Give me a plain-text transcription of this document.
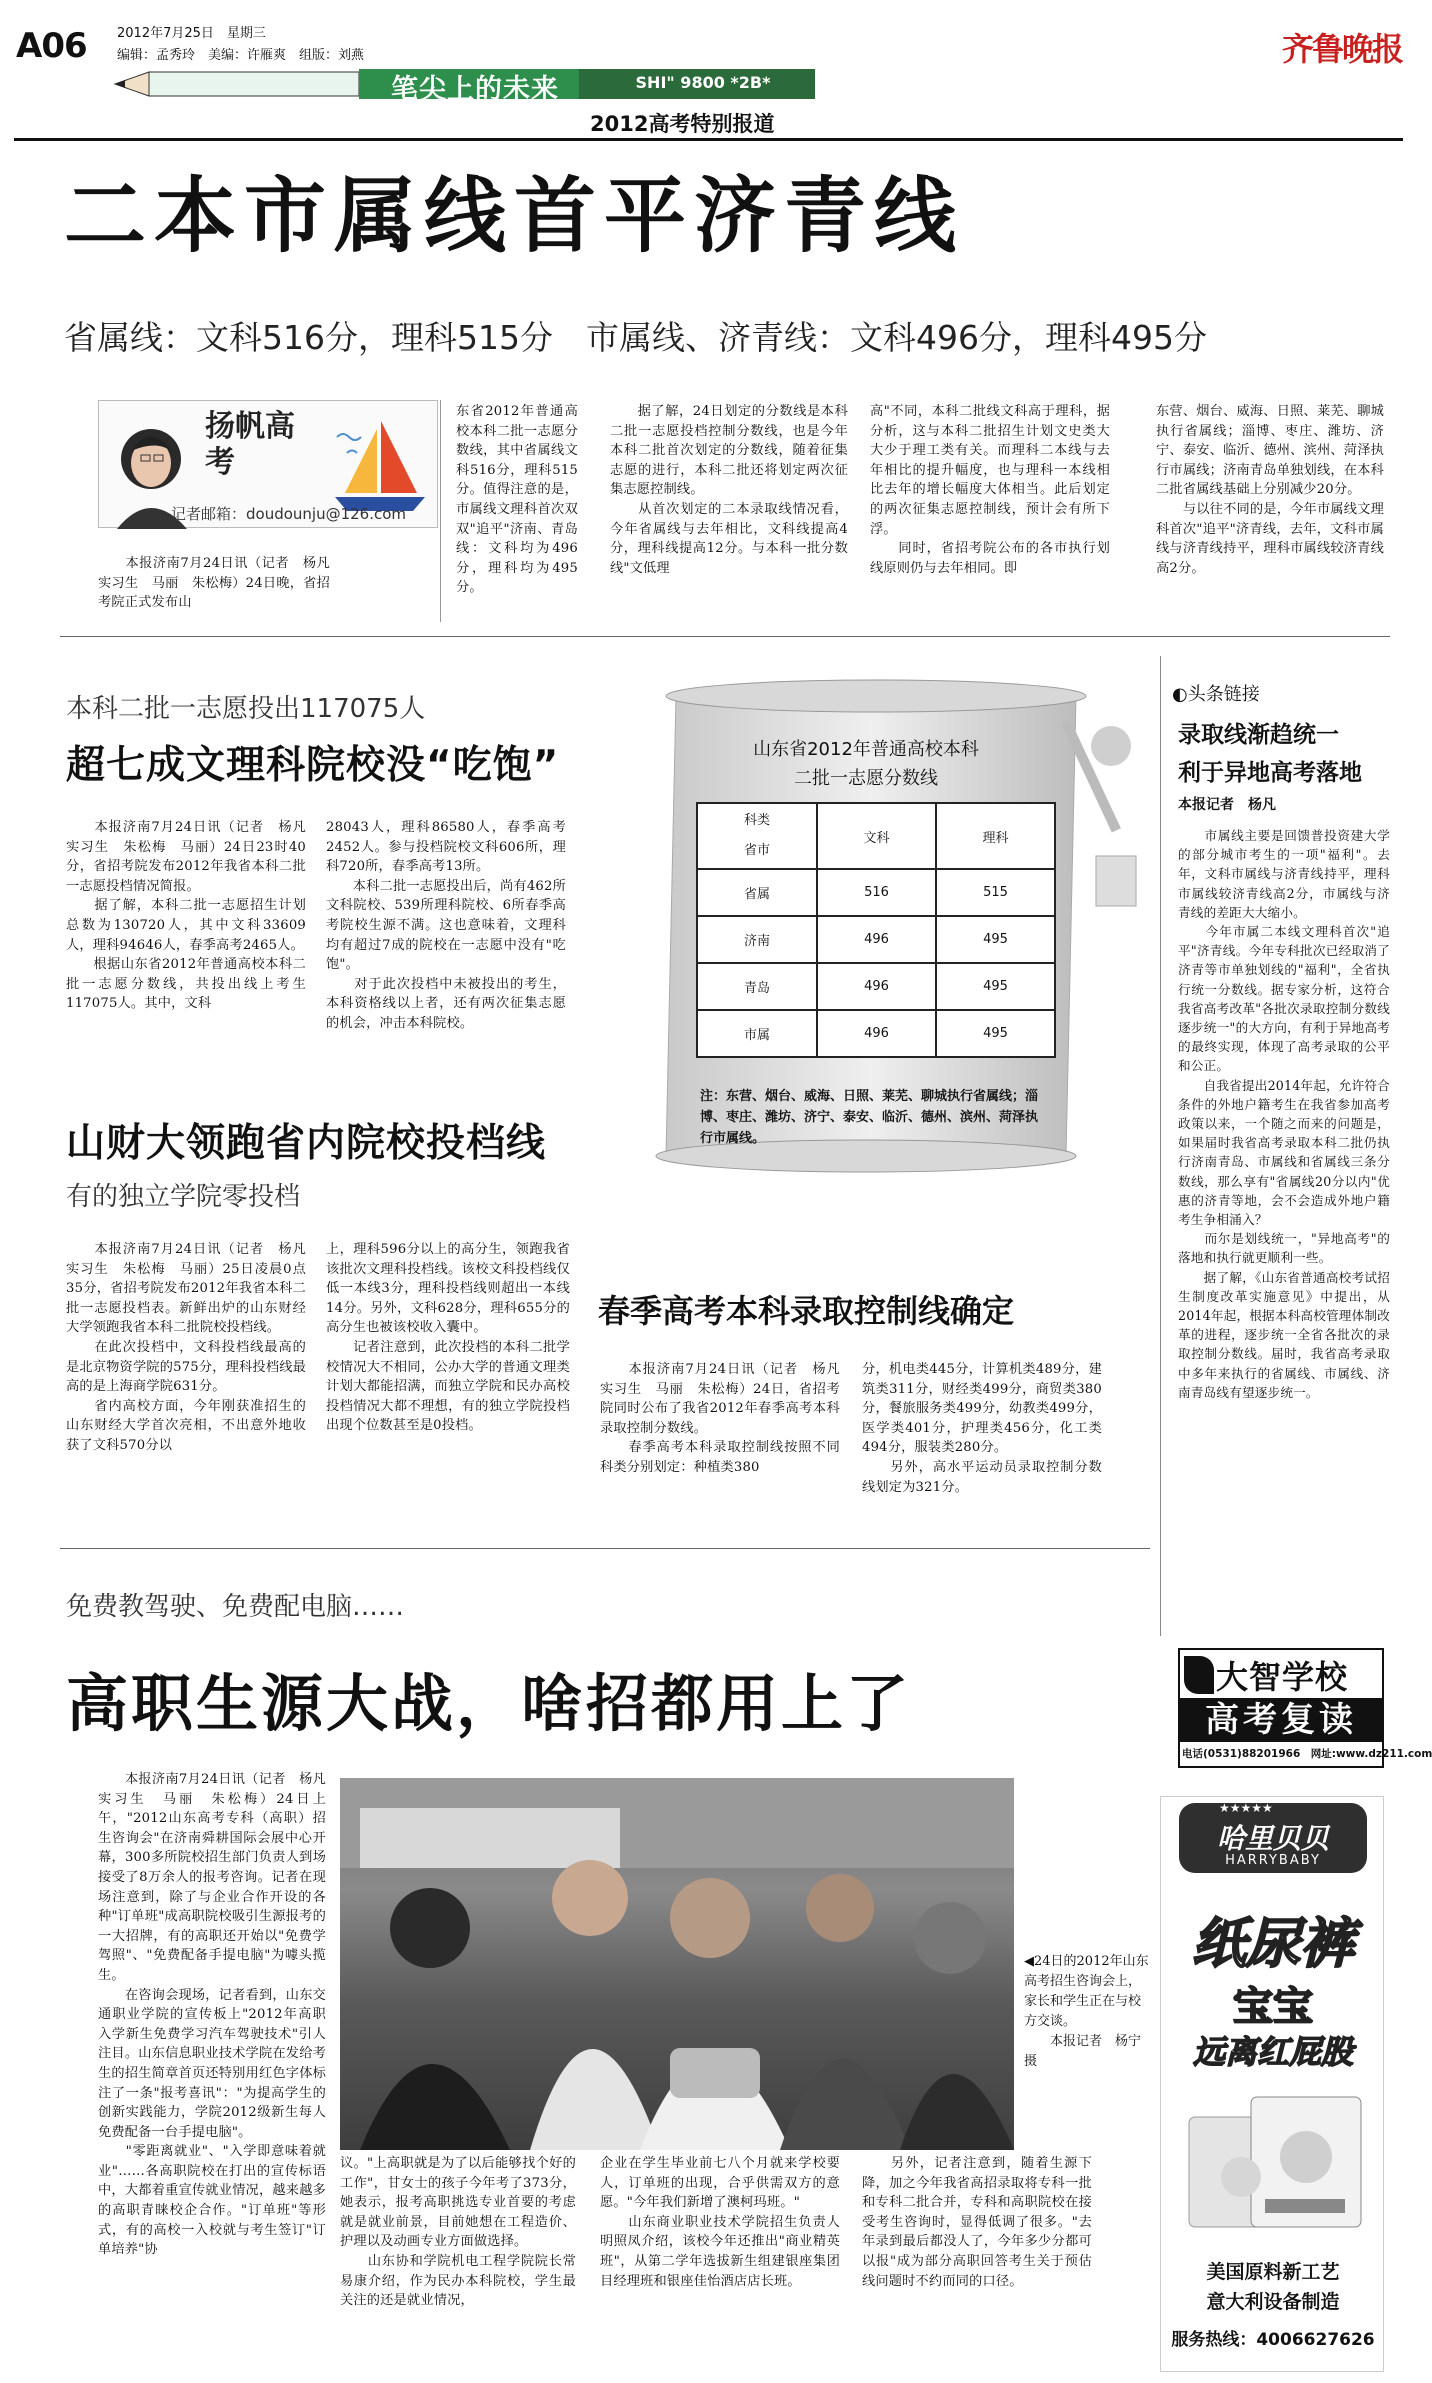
A06 2012年7月25日　星期三
编辑：孟秀玲　美编：许雁爽　组版：刘燕
笔尖上的未来	SHI" 9800 *2B*
2012高考特别报道
齐鲁晚报
二本市属线首平济青线
省属线：文科516分，理科515分　市属线、济青线：文科496分，理科495分
扬帆高考
记者邮箱：doudounju@126.com
　　本报济南7月24日讯（记者　杨凡　实习生　马丽　朱松梅）24日晚，省招考院正式发布山
东省2012年普通高校本科二批一志愿分数线，其中省属线文科516分，理科515分。值得注意的是，市属线文理科首次双双"追平"济南、青岛线：文科均为496分，理科均为495分。
　　据了解，24日划定的分数线是本科二批一志愿投档控制分数线，也是今年本科二批首次划定的分数线，随着征集志愿的进行，本科二批还将划定两次征集志愿控制线。
　　从首次划定的二本录取线情况看，今年省属线与去年相比，文科线提高4分，理科线提高12分。与本科一批分数线"文低理
高"不同，本科二批线文科高于理科，据分析，这与本科二批招生计划文史类大大少于理工类有关。而理科二本线与去年相比的提升幅度，也与理科一本线相比去年的增长幅度大体相当。此后划定的两次征集志愿控制线，预计会有所下浮。
　　同时，省招考院公布的各市执行划线原则仍与去年相同。即
东营、烟台、威海、日照、莱芜、聊城执行省属线；淄博、枣庄、潍坊、济宁、泰安、临沂、德州、滨州、菏泽执行市属线；济南青岛单独划线，在本科二批省属线基础上分别减少20分。
　　与以往不同的是，今年市属线文理科首次"追平"济青线，去年，文科市属线与济青线持平，理科市属线较济青线高2分。
本科二批一志愿投出117075人
超七成文理科院校没“吃饱”
　　本报济南7月24日讯（记者　杨凡　实习生　朱松梅　马丽）24日23时40分，省招考院发布2012年我省本科二批一志愿投档情况简报。
　　据了解，本科二批一志愿招生计划总数为130720人，其中文科33609人，理科94646人，春季高考2465人。
　　根据山东省2012年普通高校本科二批一志愿分数线，共投出线上考生117075人。其中，文科
28043人，理科86580人，春季高考2452人。参与投档院校文科606所，理科720所，春季高考13所。
　　本科二批一志愿投出后，尚有462所文科院校、539所理科院校、6所春季高考院校生源不满。这也意味着，文理科均有超过7成的院校在一志愿中没有"吃饱"。
　　对于此次投档中未被投出的考生，本科资格线以上者，还有两次征集志愿的机会，冲击本科院校。
山财大领跑省内院校投档线
有的独立学院零投档
　　本报济南7月24日讯（记者　杨凡　实习生　朱松梅　马丽）25日凌晨0点35分，省招考院发布2012年我省本科二批一志愿投档表。新鲜出炉的山东财经大学领跑我省本科二批院校投档线。
　　在此次投档中，文科投档线最高的是北京物资学院的575分，理科投档线最高的是上海商学院631分。
　　省内高校方面，今年刚获准招生的山东财经大学首次亮相，不出意外地收获了文科570分以
上，理科596分以上的高分生，领跑我省该批次文理科投档线。该校文科投档线仅低一本线3分，理科投档线则超出一本线14分。另外，文科628分，理科655分的高分生也被该校收入囊中。
　　记者注意到，此次投档的本科二批学校情况大不相同，公办大学的普通文理类计划大都能招满，而独立学院和民办高校投档情况大都不理想，有的独立学院投档出现个位数甚至是0投档。
山东省2012年普通高校本科
二批一志愿分数线
科类
省市	文科	理科
省属	516	515
济南	496	495
青岛	496	495
市属	496	495
注：东营、烟台、威海、日照、莱芜、聊城执行省属线；淄博、枣庄、潍坊、济宁、泰安、临沂、德州、滨州、菏泽执行市属线。
春季高考本科录取控制线确定
　　本报济南7月24日讯（记者　杨凡　实习生　马丽　朱松梅）24日，省招考院同时公布了我省2012年春季高考本科录取控制分数线。
　　春季高考本科录取控制线按照不同科类分别划定：种植类380
分，机电类445分，计算机类489分，建筑类311分，财经类499分，商贸类380分，餐旅服务类499分，幼教类499分，医学类401分，护理类456分，化工类494分，服装类280分。
　　另外，高水平运动员录取控制分数线划定为321分。
◐头条链接
录取线渐趋统一
利于异地高考落地
本报记者　杨凡
　　市属线主要是回馈普投资建大学的部分城市考生的一项"福利"。去年，文科市属线与济青线持平，理科市属线较济青线高2分，市属线与济青线的差距大大缩小。
　　今年市属二本线文理科首次"追平"济青线。今年专科批次已经取消了济青等市单独划线的"福利"，全省执行统一分数线。据专家分析，这符合我省高考改革"各批次录取控制分数线逐步统一"的大方向，有利于异地高考的最终实现，体现了高考录取的公平和公正。
　　自我省提出2014年起，允许符合条件的外地户籍考生在我省参加高考政策以来，一个随之而来的问题是，如果届时我省高考录取本科二批仍执行济南青岛、市属线和省属线三条分数线，那么享有"省属线20分以内"优惠的济青等地，会不会造成外地户籍考生争相涌入？
　　而尔是划线统一，"异地高考"的落地和执行就更顺利一些。
　　据了解，《山东省普通高校考试招生制度改革实施意见》中提出，从2014年起，根据本科高校管理体制改革的进程，逐步统一全省各批次的录取控制分数线。届时，我省高考录取中多年来执行的省属线、市属线、济南青岛线有望逐步统一。
大智学校
高考复读
电话(0531)88201966　网址:www.dz211.com
★★★★★
哈里贝贝
HARRYBABY
纸尿裤
宝宝
远离红屁股
美国原料新工艺
意大利设备制造
服务热线：4006627626
免费教驾驶、免费配电脑……
高职生源大战，啥招都用上了
　　本报济南7月24日讯（记者　杨凡　实习生　马丽　朱松梅）24日上午，"2012山东高考专科（高职）招生咨询会"在济南舜耕国际会展中心开幕，300多所院校招生部门负责人到场接受了8万余人的报考咨询。记者在现场注意到，除了与企业合作开设的各种"订单班"成高职院校吸引生源报考的一大招牌，有的高职还开始以"免费学驾照"、"免费配备手提电脑"为噱头揽生。
　　在咨询会现场，记者看到，山东交通职业学院的宣传板上"2012年高职入学新生免费学习汽车驾驶技术"引人注目。山东信息职业技术学院在发给考生的招生简章首页还特别用红色字体标注了一条"报考喜讯"："为提高学生的创新实践能力，学院2012级新生每人免费配备一台手提电脑"。
　　"零距离就业"、"入学即意味着就业"……各高职院校在打出的宣传标语中，大都着重宣传就业情况，越来越多的高职青睐校企合作。"订单班"等形式，有的高校一入校就与考生签订"订单培养"协
◀24日的2012年山东高考招生咨询会上，家长和学生正在与校方交谈。
　　本报记者　杨宁　摄
议。"上高职就是为了以后能够找个好的工作"，甘女士的孩子今年考了373分，她表示，报考高职挑选专业首要的考虑就是就业前景，目前她想在工程造价、护理以及动画专业方面做选择。
　　山东协和学院机电工程学院院长常易康介绍，作为民办本科院校，学生最关注的还是就业情况，
企业在学生毕业前七八个月就来学校要人，订单班的出现，合乎供需双方的意愿。"今年我们新增了澳柯玛班。"
　　山东商业职业技术学院招生负责人明照凤介绍，该校今年还推出"商业精英班"，从第二学年选拔新生组建银座集团目经理班和银座佳怡酒店店长班。
　　另外，记者注意到，随着生源下降，加之今年我省高招录取将专科一批和专科二批合并，专科和高职院校在接受考生咨询时，显得低调了很多。"去年录到最后都没人了，今年多少分都可以报"成为部分高职回答考生关于预估线问题时不约而同的口径。
